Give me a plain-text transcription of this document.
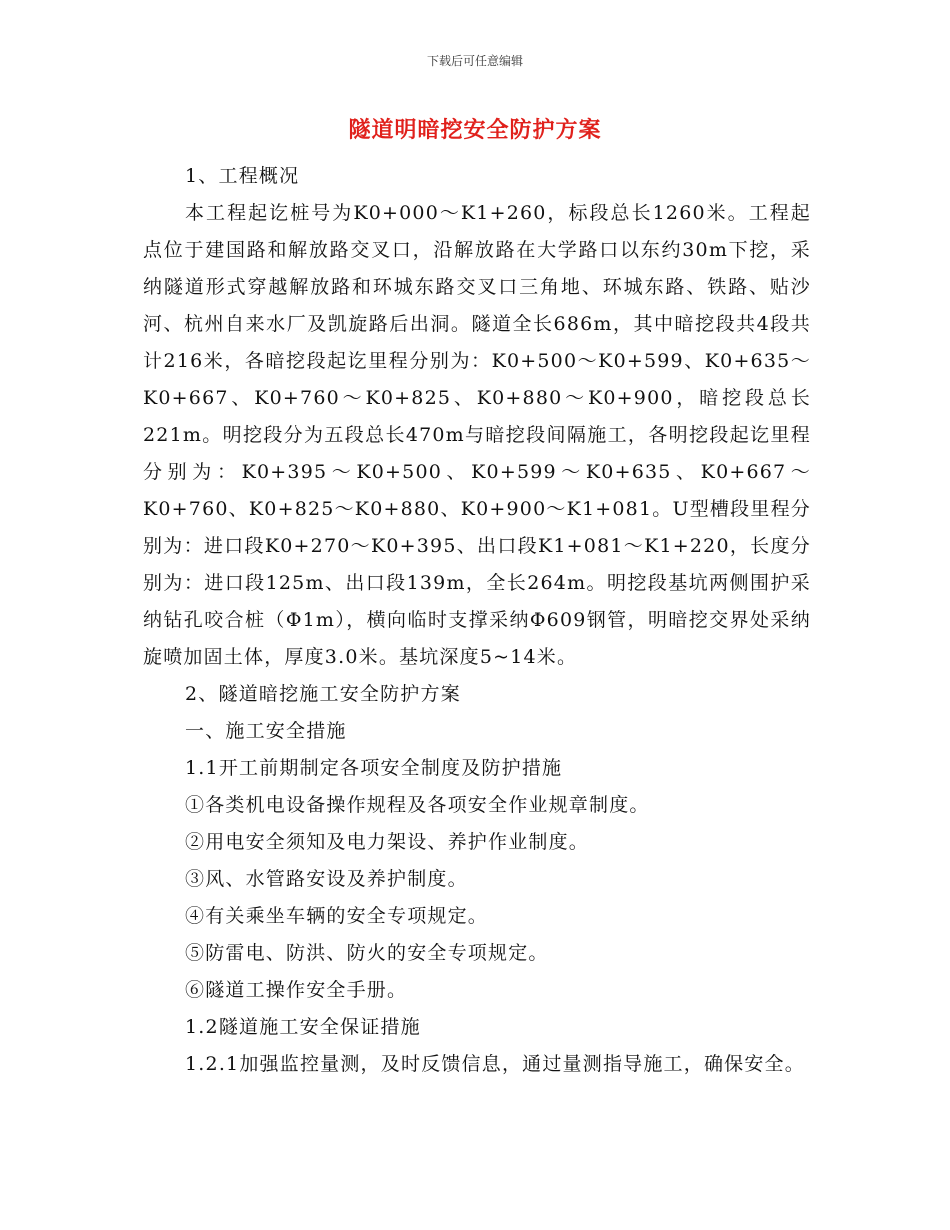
下载后可任意编辑
隧道明暗挖安全防护方案

1、工程概况

本工程起讫桩号为K0+000～K1+260，标段总长1260米。工程起点位于建国路和解放路交叉口，沿解放路在大学路口以东约30m下挖，采纳隧道形式穿越解放路和环城东路交叉口三角地、环城东路、铁路、贴沙河、杭州自来水厂及凯旋路后出洞。隧道全长686m，其中暗挖段共4段共计216米，各暗挖段起讫里程分别为：K0+500～K0+599、K0+635～K0+667、K0+760～K0+825、K0+880～K0+900，暗挖段总长221m。明挖段分为五段总长470m与暗挖段间隔施工，各明挖段起讫里程分别为：K0+395～K0+500、K0+599～K0+635、K0+667～K0+760、K0+825～K0+880、K0+900～K1+081。U型槽段里程分别为：进口段K0+270～K0+395、出口段K1+081～K1+220，长度分别为：进口段125m、出口段139m，全长264m。明挖段基坑两侧围护采纳钻孔咬合桩（Φ1m），横向临时支撑采纳Φ609钢管，明暗挖交界处采纳旋喷加固土体，厚度3.0米。基坑深度5~14米。

2、隧道暗挖施工安全防护方案

一、施工安全措施

1.1开工前期制定各项安全制度及防护措施

①各类机电设备操作规程及各项安全作业规章制度。

②用电安全须知及电力架设、养护作业制度。

③风、水管路安设及养护制度。

④有关乘坐车辆的安全专项规定。

⑤防雷电、防洪、防火的安全专项规定。

⑥隧道工操作安全手册。

1.2隧道施工安全保证措施

1.2.1加强监控量测，及时反馈信息，通过量测指导施工，确保安全。
